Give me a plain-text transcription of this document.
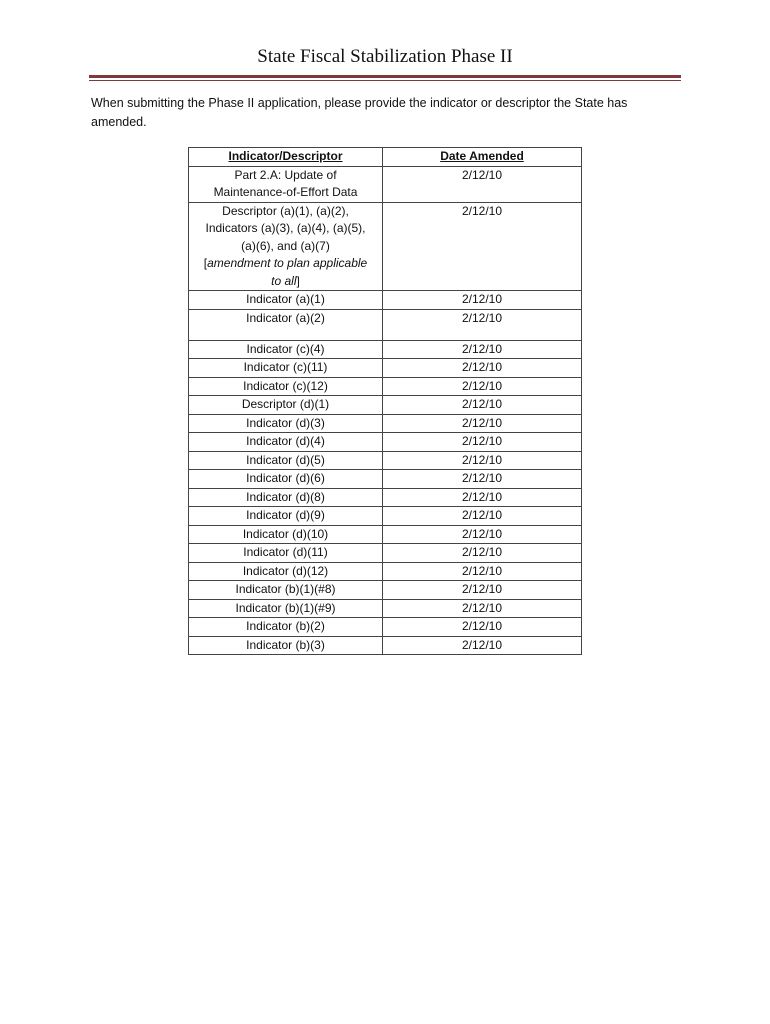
State Fiscal Stabilization Phase II
When submitting the Phase II application, please provide the indicator or descriptor the State has amended.
Indicator/Descriptor	Date Amended
Part 2.A: Update of
Maintenance-of-Effort Data	2/12/10
Descriptor (a)(1), (a)(2),
Indicators (a)(3), (a)(4), (a)(5),
(a)(6), and (a)(7)
[amendment to plan applicable
to all]	2/12/10
Indicator (a)(1)	2/12/10
Indicator (a)(2)	2/12/10
Indicator (c)(4)	2/12/10
Indicator (c)(11)	2/12/10
Indicator (c)(12)	2/12/10
Descriptor (d)(1)	2/12/10
Indicator (d)(3)	2/12/10
Indicator (d)(4)	2/12/10
Indicator (d)(5)	2/12/10
Indicator (d)(6)	2/12/10
Indicator (d)(8)	2/12/10
Indicator (d)(9)	2/12/10
Indicator (d)(10)	2/12/10
Indicator (d)(11)	2/12/10
Indicator (d)(12)	2/12/10
Indicator (b)(1)(#8)	2/12/10
Indicator (b)(1)(#9)	2/12/10
Indicator (b)(2)	2/12/10
Indicator (b)(3)	2/12/10
